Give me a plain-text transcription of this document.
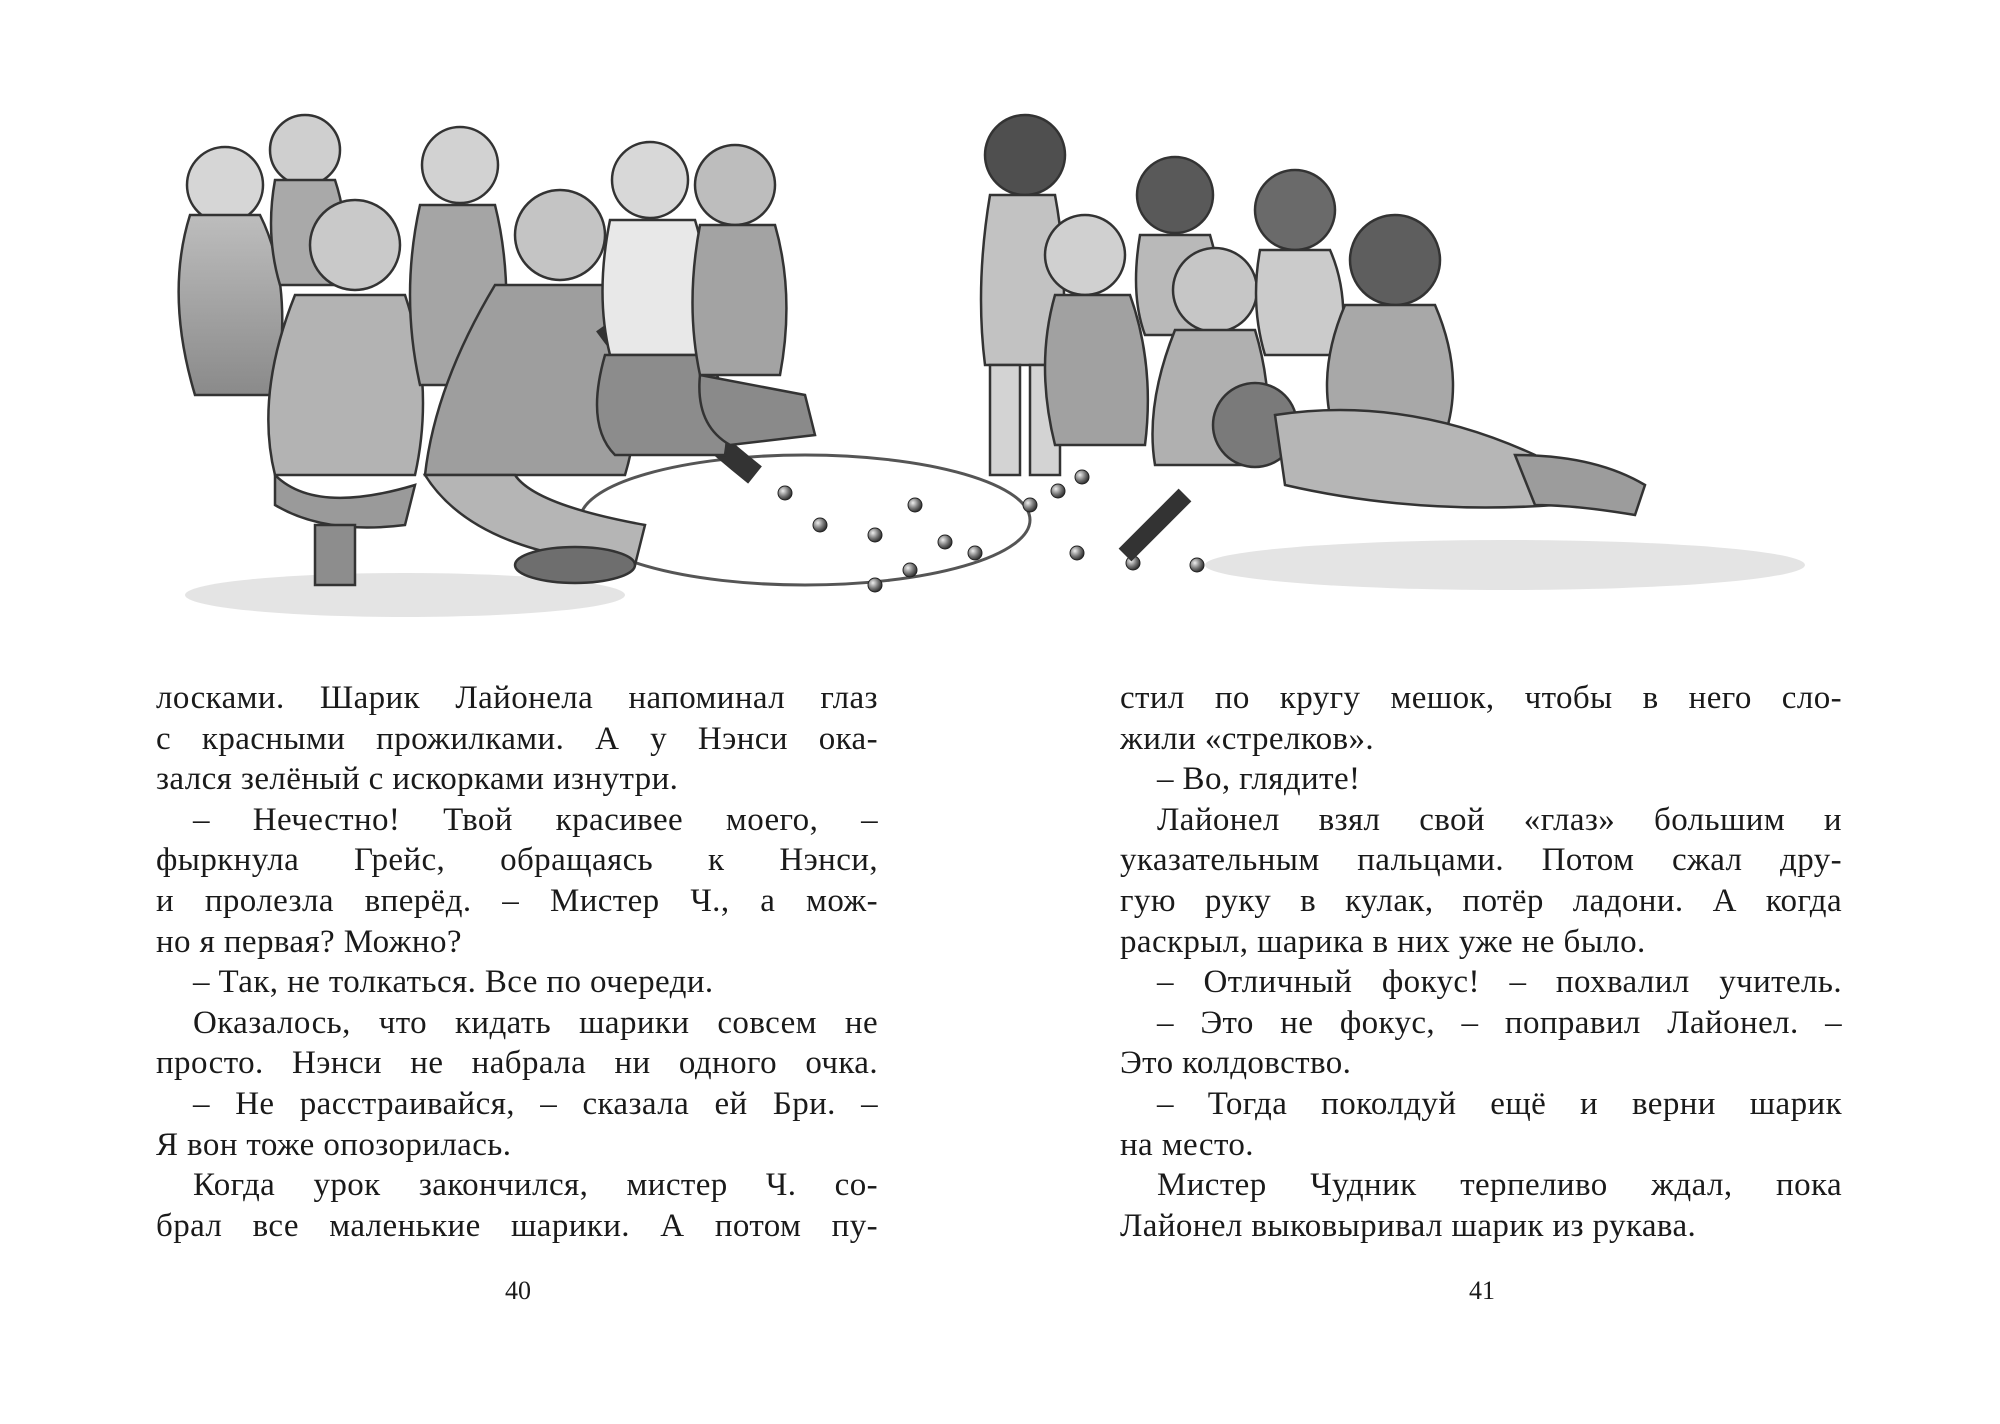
лосками. Шарик Лайонела напоминал глаз
с красными прожилками. А у Нэнси ока-
зался зелёный с искорками изнутри.
– Нечестно! Твой красивее моего, –
фыркнула Грейс, обращаясь к Нэнси,
и пролезла вперёд. – Мистер Ч., а мож-
но я первая? Можно?
– Так, не толкаться. Все по очереди.
Оказалось, что кидать шарики совсем не
просто. Нэнси не набрала ни одного очка.
– Не расстраивайся, – сказала ей Бри. –
Я вон тоже опозорилась.
Когда урок закончился, мистер Ч. со-
брал все маленькие шарики. А потом пу-
стил по кругу мешок, чтобы в него сло-
жили «стрелков».
– Во, глядите!
Лайонел взял свой «глаз» большим и
указательным пальцами. Потом сжал дру-
гую руку в кулак, потёр ладони. А когда
раскрыл, шарика в них уже не было.
– Отличный фокус! – похвалил учитель.
– Это не фокус, – поправил Лайонел. –
Это колдовство.
– Тогда поколдуй ещё и верни шарик
на место.
Мистер Чудник терпеливо ждал, пока
Лайонел выковыривал шарик из рукава.
40	41
